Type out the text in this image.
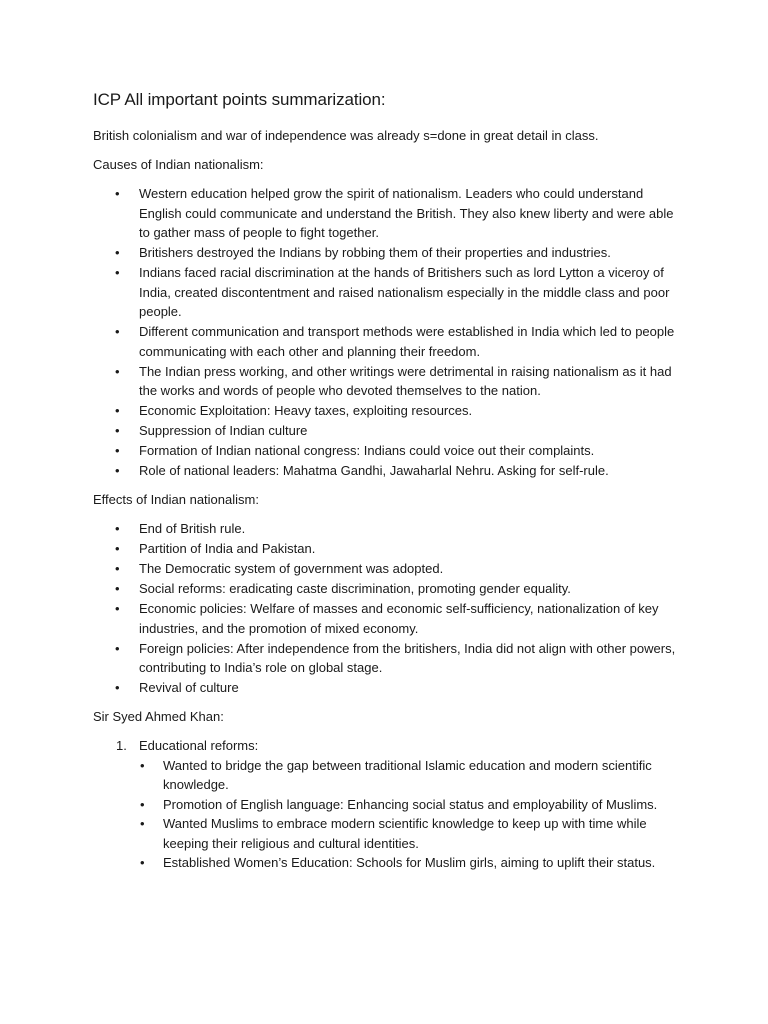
ICP All important points summarization:

British colonialism and war of independence was already s=done in great detail in class.

Causes of Indian nationalism:

• Western education helped grow the spirit of nationalism. Leaders who could understand English could communicate and understand the British. They also knew liberty and were able to gather mass of people to fight together.
• Britishers destroyed the Indians by robbing them of their properties and industries.
• Indians faced racial discrimination at the hands of Britishers such as lord Lytton a viceroy of India, created discontentment and raised nationalism especially in the middle class and poor people.
• Different communication and transport methods were established in India which led to people communicating with each other and planning their freedom.
• The Indian press working, and other writings were detrimental in raising nationalism as it had the works and words of people who devoted themselves to the nation.
• Economic Exploitation: Heavy taxes, exploiting resources.
• Suppression of Indian culture
• Formation of Indian national congress: Indians could voice out their complaints.
• Role of national leaders: Mahatma Gandhi, Jawaharlal Nehru. Asking for self-rule.

Effects of Indian nationalism:

• End of British rule.
• Partition of India and Pakistan.
• The Democratic system of government was adopted.
• Social reforms: eradicating caste discrimination, promoting gender equality.
• Economic policies: Welfare of masses and economic self-sufficiency, nationalization of key industries, and the promotion of mixed economy.
• Foreign policies: After independence from the britishers, India did not align with other powers, contributing to India’s role on global stage.
• Revival of culture

Sir Syed Ahmed Khan:

1. Educational reforms:
• Wanted to bridge the gap between traditional Islamic education and modern scientific knowledge.
• Promotion of English language: Enhancing social status and employability of Muslims.
• Wanted Muslims to embrace modern scientific knowledge to keep up with time while keeping their religious and cultural identities.
• Established Women’s Education: Schools for Muslim girls, aiming to uplift their status.
